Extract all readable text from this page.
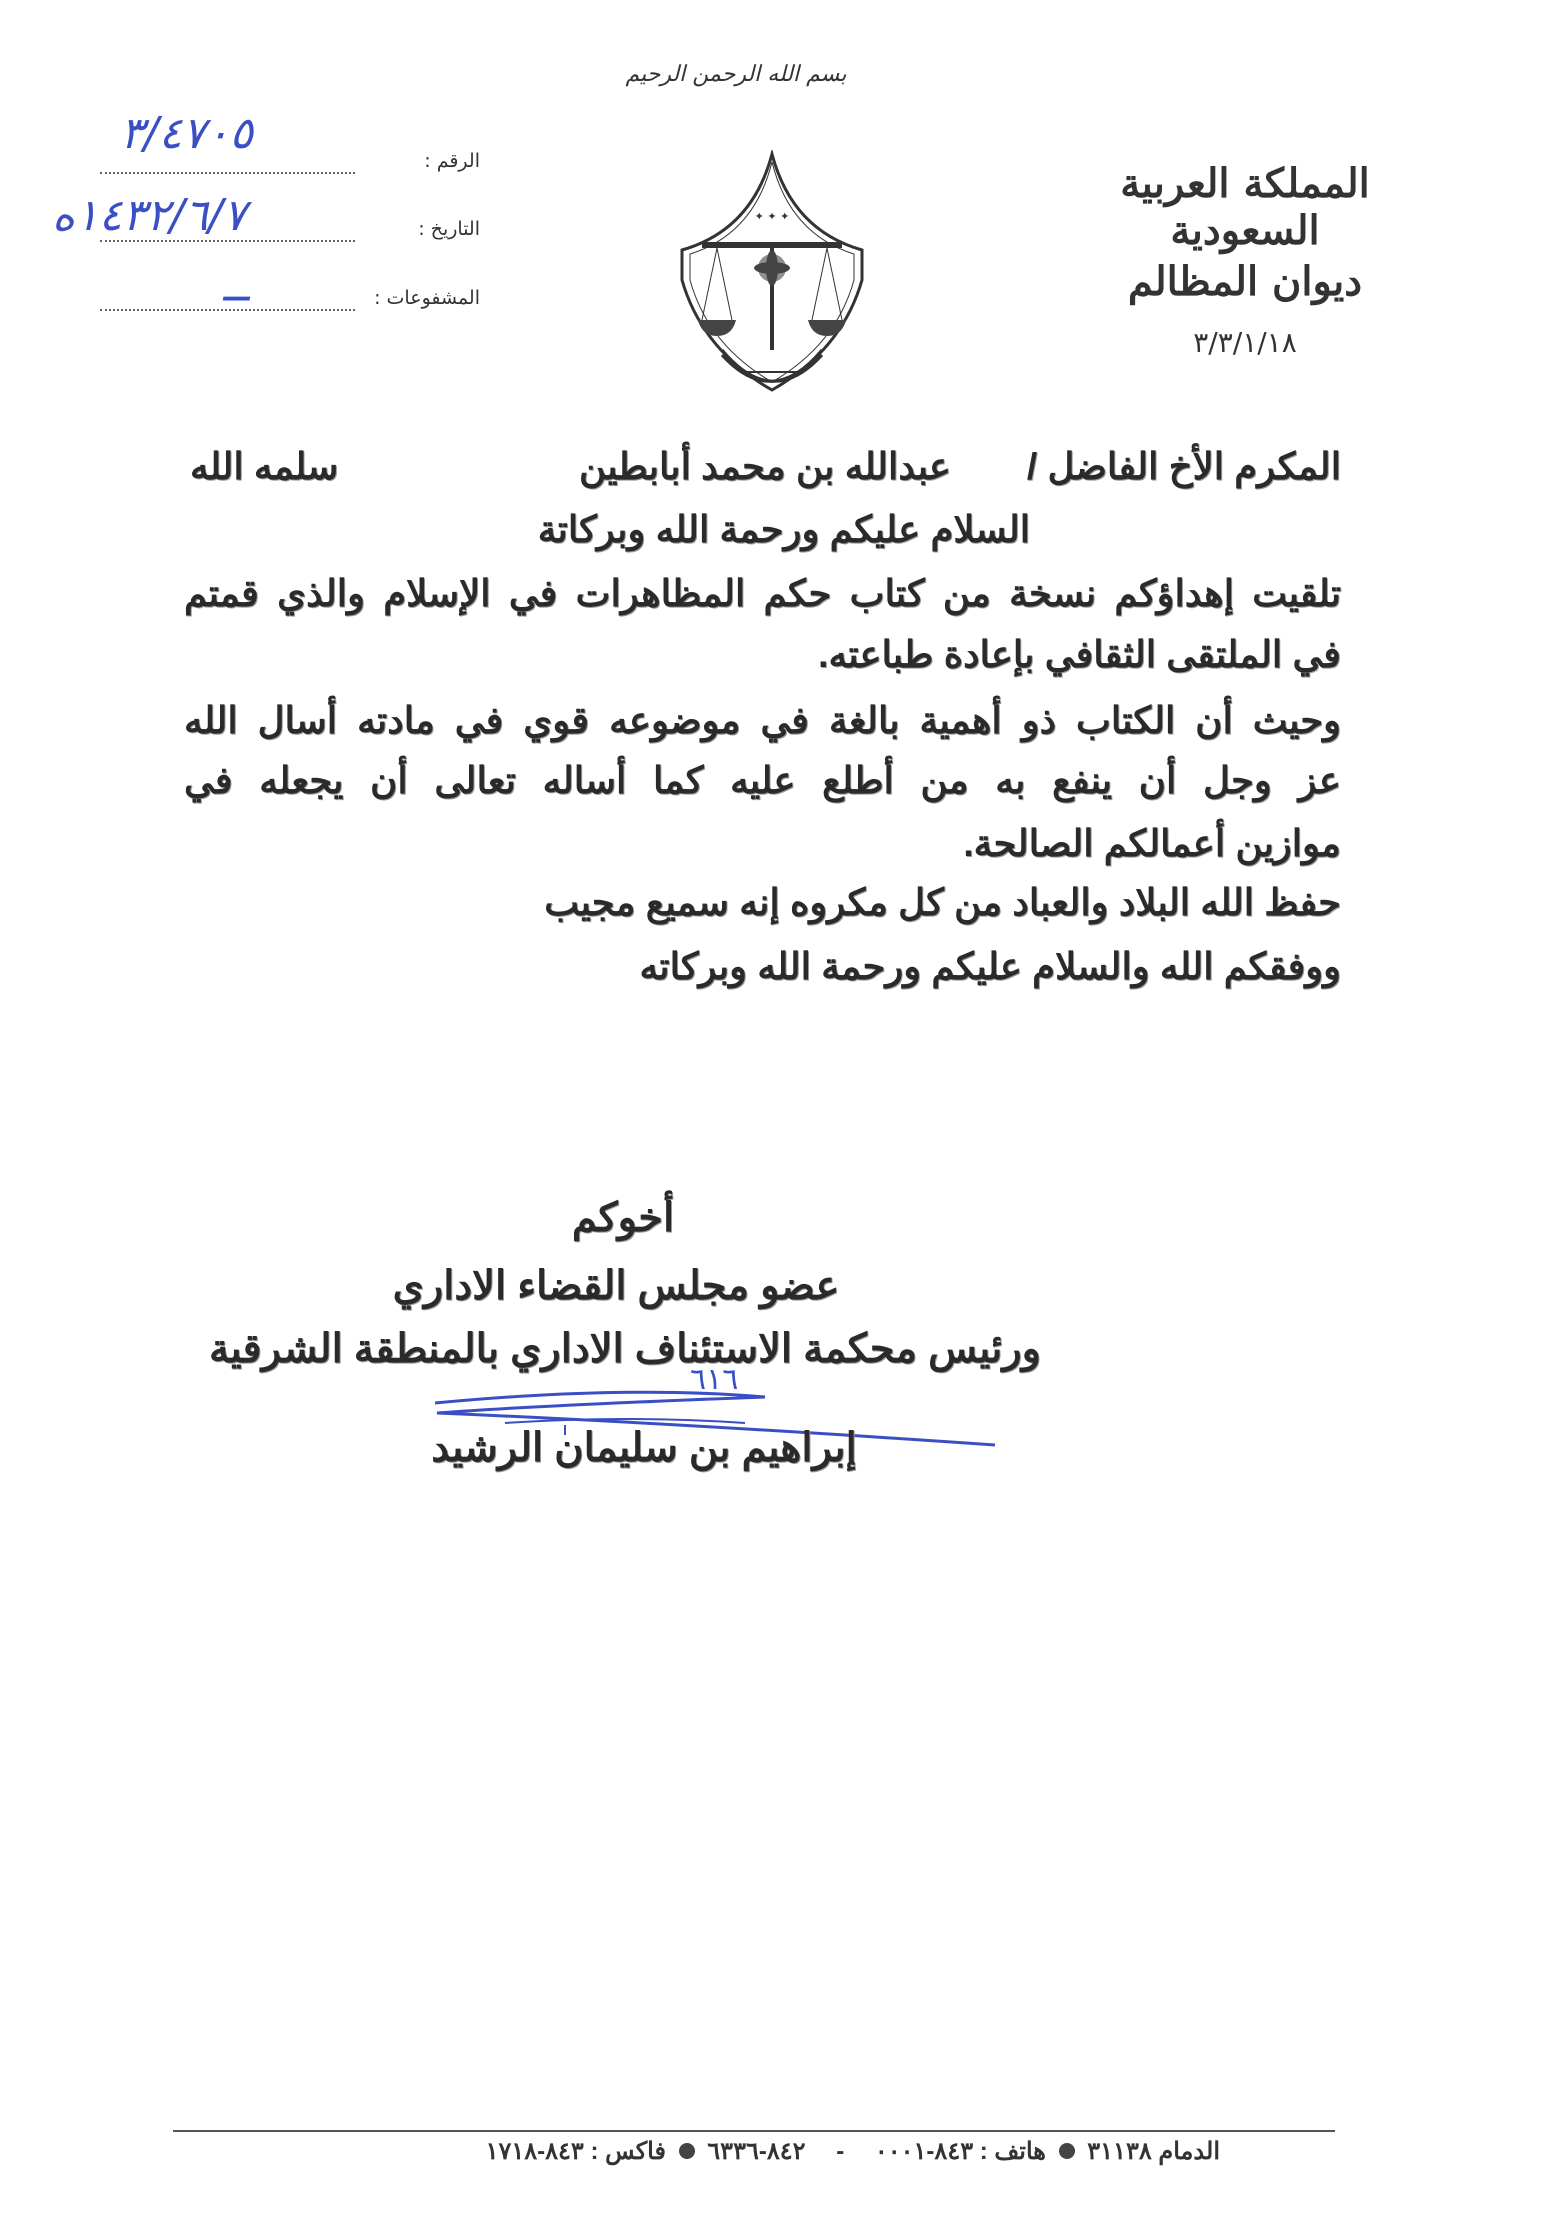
بسم الله الرحمن الرحيم
المملكة العربية السعودية
ديوان المظالم
٣/٣/١/١٨
✦ ✦ ✦
الرقم :
٣/٤٧٠٥
التاريخ :
ه١٤٣٢/٦/٧
المشفوعات :
—
المكرم الأخ الفاضل /
عبدالله بن محمد أبابطين
سلمه الله
السلام عليكم ورحمة الله وبركاتة
تلقيت إهداؤكم نسخة من كتاب حكم المظاهرات في الإسلام والذي قمتم
في الملتقى الثقافي بإعادة طباعته.
وحيث أن الكتاب ذو أهمية بالغة في موضوعه قوي في مادته أسال الله
عز وجل أن ينفع به من أطلع عليه كما أساله تعالى أن يجعله في
موازين أعمالكم الصالحة.
حفظ الله البلاد والعباد من كل مكروه إنه سميع مجيب
ووفقكم الله والسلام عليكم ورحمة الله وبركاته
أخوكم
عضو مجلس القضاء الاداري
ورئيس محكمة الاستئناف الاداري بالمنطقة الشرقية
٦١٦
إبراهيم بن سليمان الرشيد
الدمام ٣١١٣٨  هاتف : ٨٤٣-٠٠٠١ - ٨٤٢-٦٣٣٦  فاكس : ٨٤٣-١٧١٨
